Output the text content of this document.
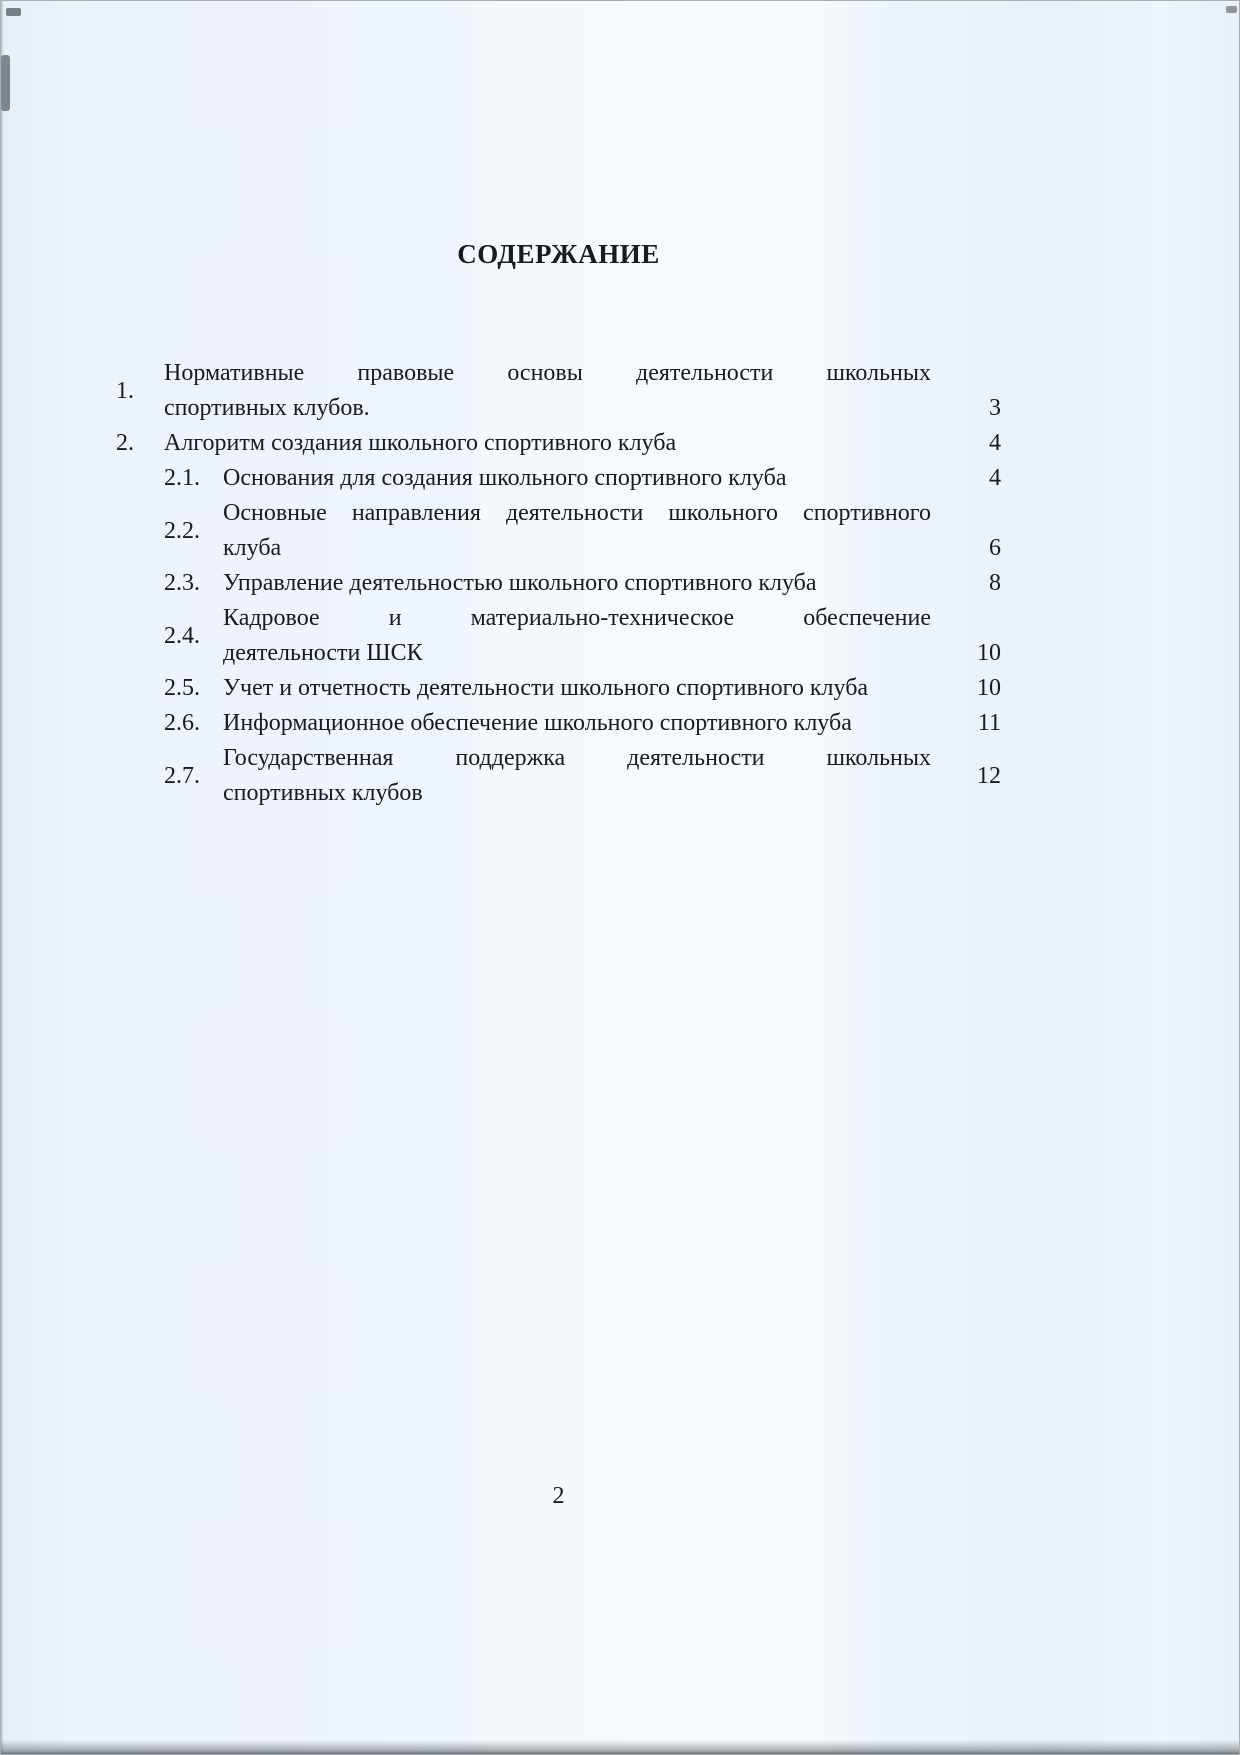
СОДЕРЖАНИЕ
1.
Нормативные правовые основы деятельности школьных
спортивных клубов.	3
2.	Алгоритм создания школьного спортивного клуба	4
2.1. Основания для создания школьного спортивного клуба	4
2.2.
Основные направления деятельности школьного спортивного
клуба	6
2.3. Управление деятельностью школьного спортивного клуба	8
2.4.
Кадровое и материально-техническое обеспечение
деятельности ШСК	10
2.5. Учет и отчетность деятельности школьного спортивного клуба	10
2.6. Информационное обеспечение школьного спортивного клуба	11
2.7.
Государственная поддержка деятельности школьных
спортивных клубов
12
2
